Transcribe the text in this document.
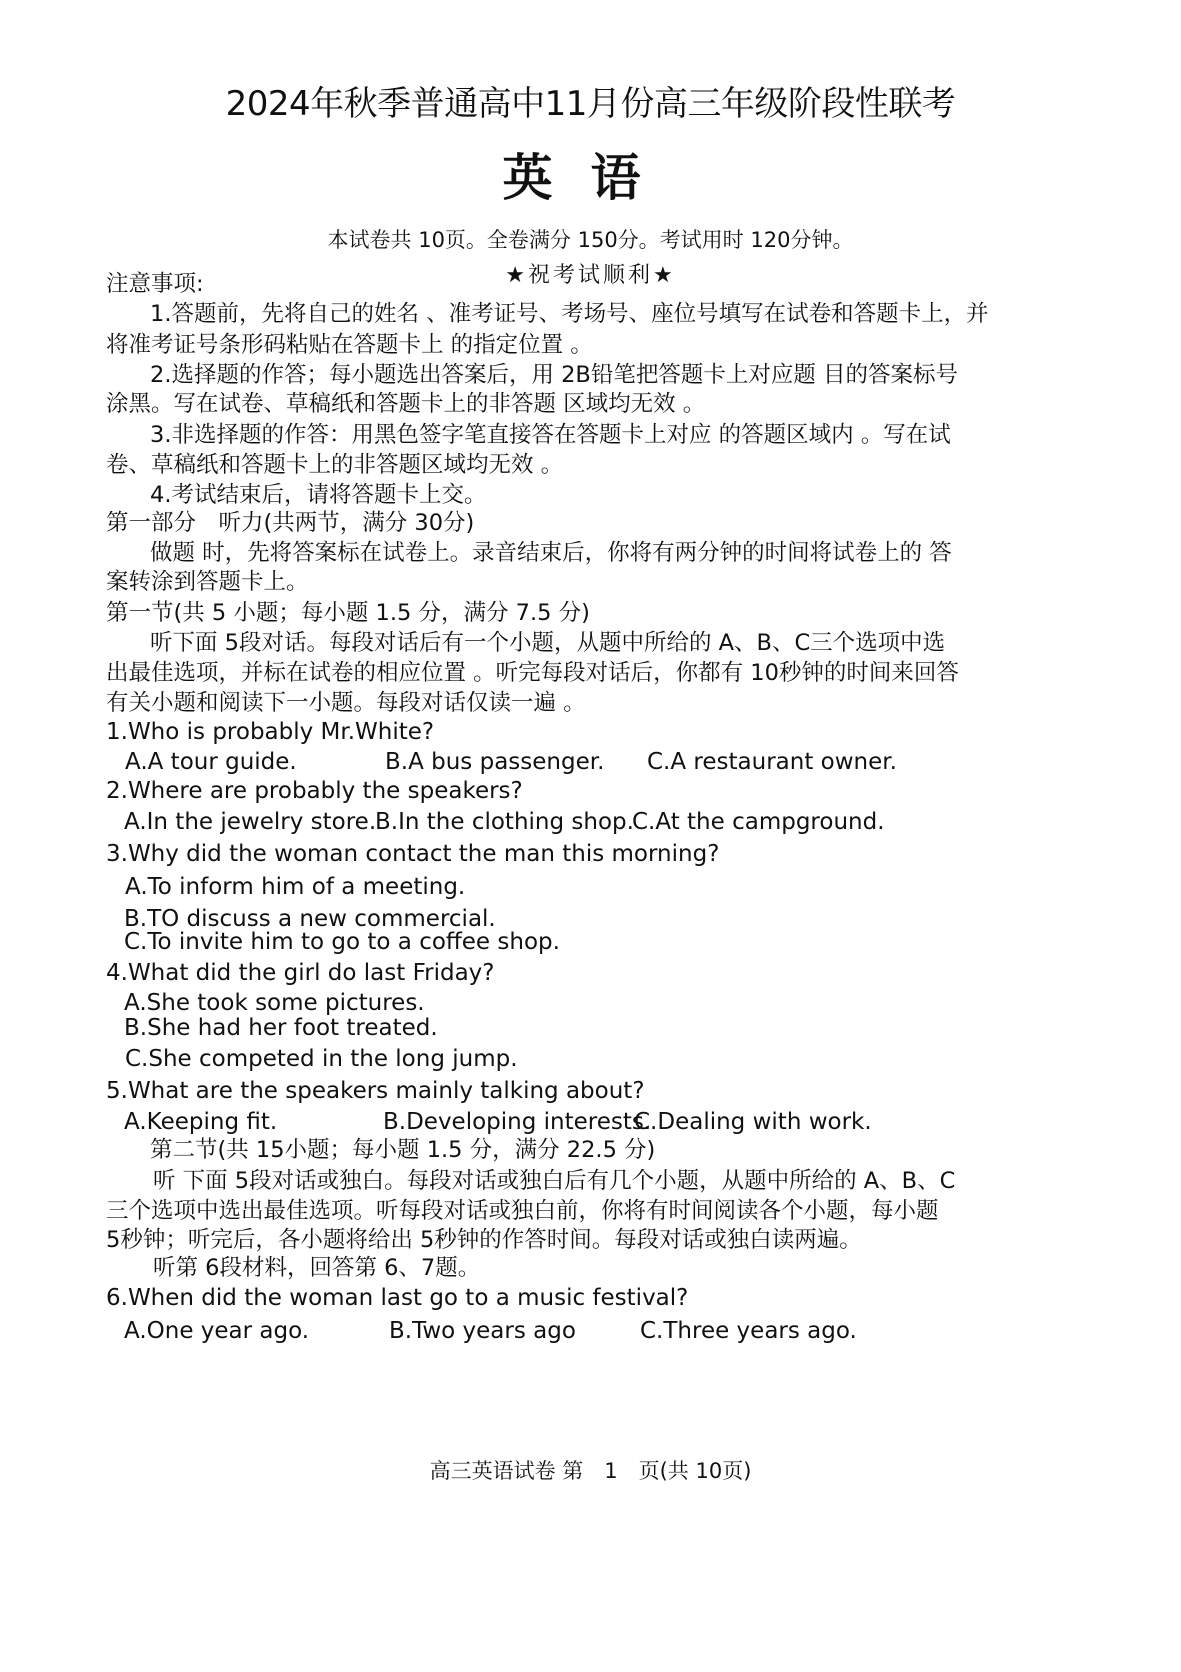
2024年秋季普通高中11月份高三年级阶段性联考
英语
本试卷共 10页。全卷满分 150分。考试用时 120分钟。
★祝考试顺利★
注意事项:
1.答题前，先将自己的姓名 、准考证号、考场号、座位号填写在试卷和答题卡上，并
将准考证号条形码粘贴在答题卡上 的指定位置 。
2.选择题的作答；每小题选出答案后，用 2B铅笔把答题卡上对应题 目的答案标号
涂黑。写在试卷、草稿纸和答题卡上的非答题 区域均无效 。
3.非选择题的作答：用黑色签字笔直接答在答题卡上对应 的答题区域内 。写在试
卷、草稿纸和答题卡上的非答题区域均无效 。
4.考试结束后，请将答题卡上交。
第一部分　听力(共两节，满分 30分)
做题 时，先将答案标在试卷上。录音结束后，你将有两分钟的时间将试卷上的 答
案转涂到答题卡上。
第一节(共 5 小题；每小题 1.5 分，满分 7.5 分)
听下面 5段对话。每段对话后有一个小题，从题中所给的 A、B、C三个选项中选
出最佳选项，并标在试卷的相应位置 。听完每段对话后，你都有 10秒钟的时间来回答
有关小题和阅读下一小题。每段对话仅读一遍 。
1.Who is probably Mr.White?
A.A tour guide.	B.A bus passenger. C.A restaurant owner.
2.Where are probably the speakers?
A.In the jewelry store.
B.In the clothing shop.
C.At the campground.
3.Why did the woman contact the man this morning?
A.To inform him of a meeting.
B.TO discuss a new commercial.
C.To invite him to go to a coffee shop.
4.What did the girl do last Friday?
A.She took some pictures.
B.She had her foot treated.
C.She competed in the long jump.
5.What are the speakers mainly talking about?
A.Keeping fit.	B.Developing interests.
C.Dealing with work.
第二节(共 15小题；每小题 1.5 分，满分 22.5 分)
听 下面 5段对话或独白。每段对话或独白后有几个小题，从题中所给的 A、B、C
三个选项中选出最佳选项。听每段对话或独白前，你将有时间阅读各个小题，每小题
5秒钟；听完后，各小题将给出 5秒钟的作答时间。每段对话或独白读两遍。
听第 6段材料，回答第 6、7题。
6.When did the woman last go to a music festival?
A.One year ago.	B.Two years ago	C.Three years ago.
高三英语试卷 第　1　页(共 10页)
